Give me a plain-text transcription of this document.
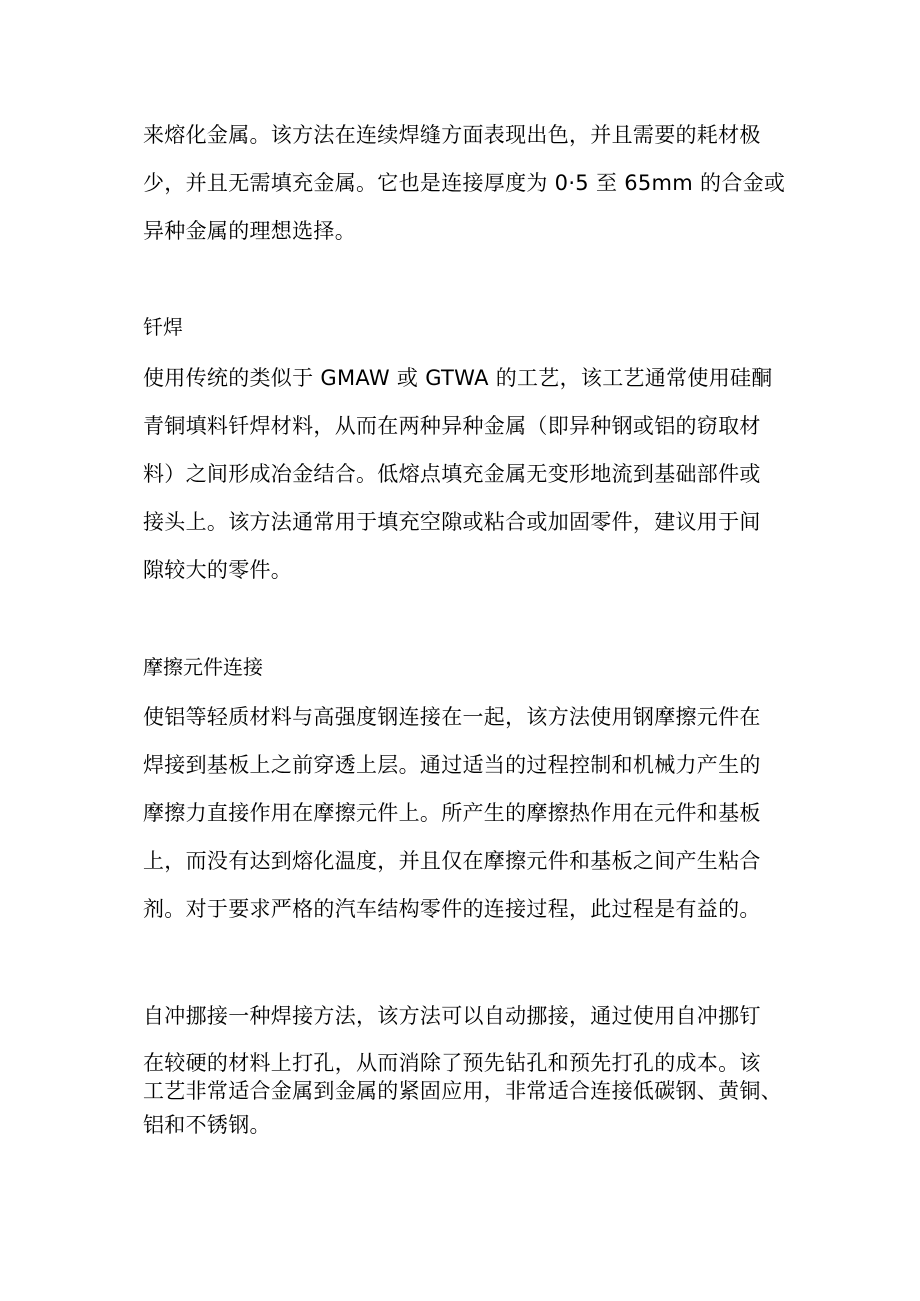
来熔化金属。该方法在连续焊缝方面表现出色，并且需要的耗材极
少，并且无需填充金属。它也是连接厚度为 0·5 至 65mm 的合金或
异种金属的理想选择。
钎焊
使用传统的类似于 GMAW 或 GTWA 的工艺，该工艺通常使用硅酮
青铜填料钎焊材料，从而在两种异种金属（即异种钢或铝的窃取材
料）之间形成冶金结合。低熔点填充金属无变形地流到基础部件或
接头上。该方法通常用于填充空隙或粘合或加固零件，建议用于间
隙较大的零件。
摩擦元件连接
使铝等轻质材料与高强度钢连接在一起，该方法使用钢摩擦元件在
焊接到基板上之前穿透上层。通过适当的过程控制和机械力产生的
摩擦力直接作用在摩擦元件上。所产生的摩擦热作用在元件和基板
上，而没有达到熔化温度，并且仅在摩擦元件和基板之间产生粘合
剂。对于要求严格的汽车结构零件的连接过程，此过程是有益的。
自冲挪接一种焊接方法，该方法可以自动挪接，通过使用自冲挪钉
在较硬的材料上打孔，从而消除了预先钻孔和预先打孔的成本。该
工艺非常适合金属到金属的紧固应用，非常适合连接低碳钢、黄铜、
铝和不锈钢。
